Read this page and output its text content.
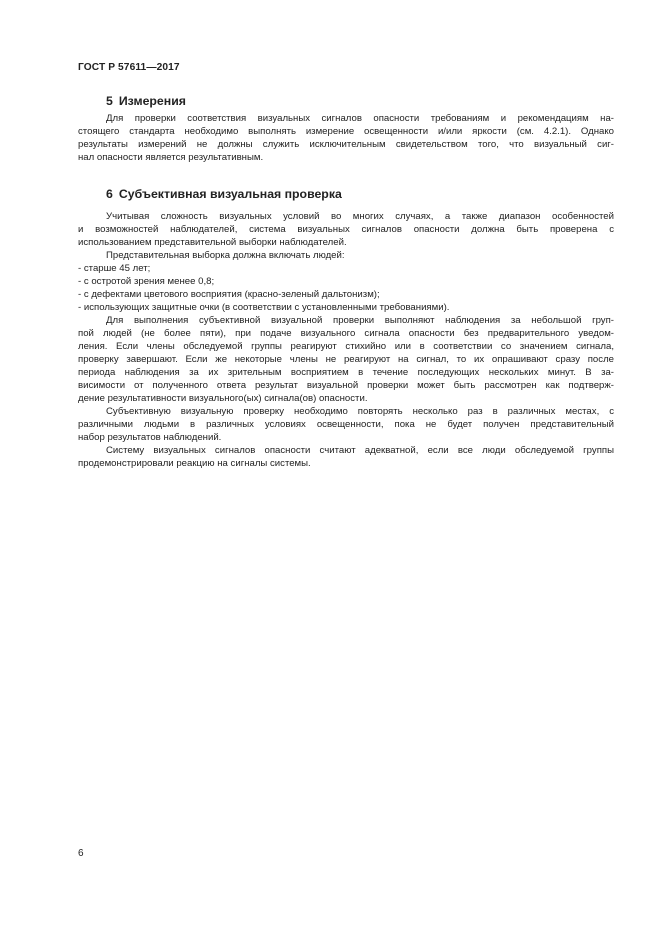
ГОСТ Р 57611—2017
5 Измерения
Для проверки соответствия визуальных сигналов опасности требованиям и рекомендациям на-
стоящего стандарта необходимо выполнять измерение освещенности и/или яркости (см. 4.2.1). Однако
результаты измерений не должны служить исключительным свидетельством того, что визуальный сиг-
нал опасности является результативным.
6 Субъективная визуальная проверка
Учитывая сложность визуальных условий во многих случаях, а также диапазон особенностей
и возможностей наблюдателей, система визуальных сигналов опасности должна быть проверена с
использованием представительной выборки наблюдателей.
Представительная выборка должна включать людей:
- старше 45 лет;
- с остротой зрения менее 0,8;
- с дефектами цветового восприятия (красно-зеленый дальтонизм);
- использующих защитные очки (в соответствии с установленными требованиями).
Для выполнения субъективной визуальной проверки выполняют наблюдения за небольшой груп-
пой людей (не более пяти), при подаче визуального сигнала опасности без предварительного уведом-
ления. Если члены обследуемой группы реагируют стихийно или в соответствии со значением сигнала,
проверку завершают. Если же некоторые члены не реагируют на сигнал, то их опрашивают сразу после
периода наблюдения за их зрительным восприятием в течение последующих нескольких минут. В за-
висимости от полученного ответа результат визуальной проверки может быть рассмотрен как подтверж-
дение результативности визуального(ых) сигнала(ов) опасности.
Субъективную визуальную проверку необходимо повторять несколько раз в различных местах, с
различными людьми в различных условиях освещенности, пока не будет получен представительный
набор результатов наблюдений.
Систему визуальных сигналов опасности считают адекватной, если все люди обследуемой группы
продемонстрировали реакцию на сигналы системы.
6
